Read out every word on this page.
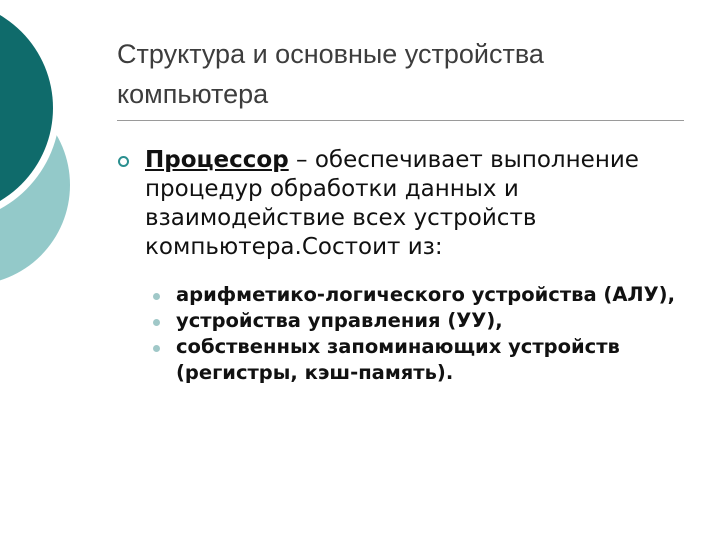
Структура и основные устройства компьютера
Процессор – обеспечивает выполнение процедур обработки данных и взаимодействие всех устройств компьютера.Состоит из:
арифметико-логического устройства (АЛУ),
устройства управления (УУ),
собственных запоминающих устройств (регистры, кэш-память).
